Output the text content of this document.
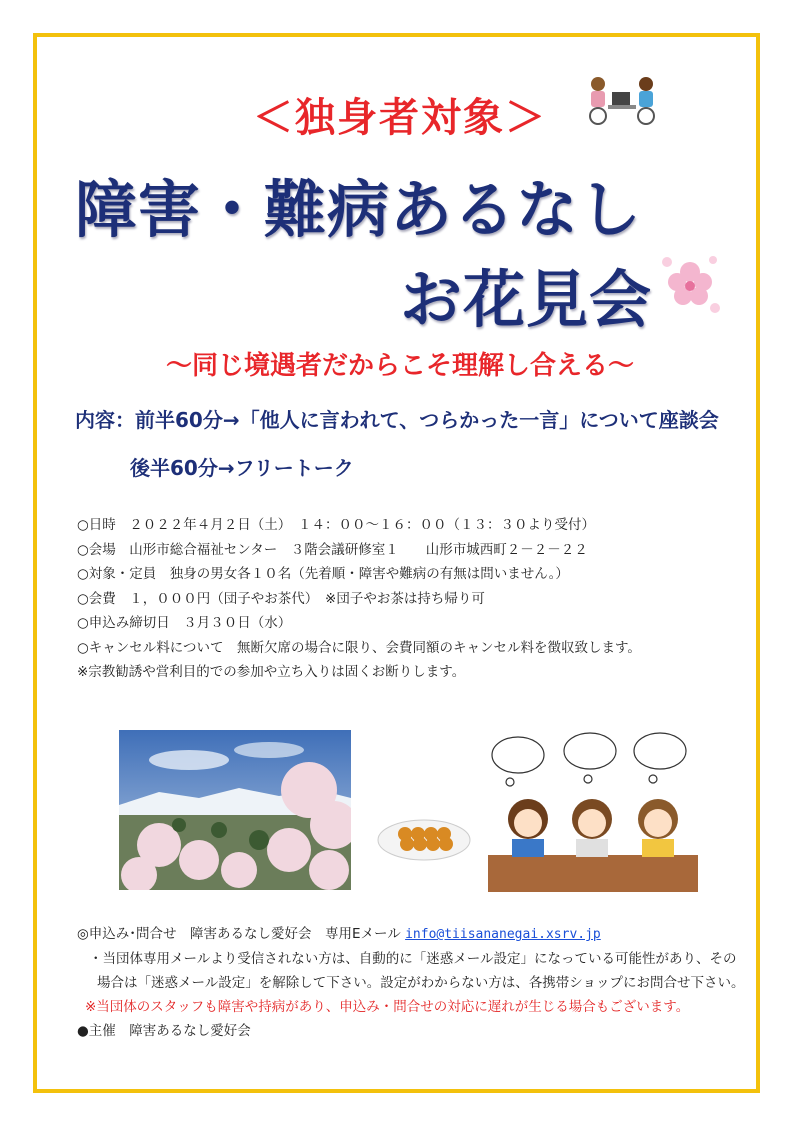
＜独身者対象＞
障害・難病あるなし
お花見会
～同じ境遇者だからこそ理解し合える～
内容：前半60分→「他人に言われて、つらかった一言」について座談会
後半60分→フリートーク
○日時　２０２２年４月２日（土）　１４：００～１６：００（１３：３０より受付）
○会場　山形市総合福祉センター　３階会議研修室１　　山形市城西町２－２－２２
○対象・定員　独身の男女各１０名（先着順・障害や難病の有無は問いません。）
○会費　１，０００円（団子やお茶代）　※団子やお茶は持ち帰り可
○申込み締切日　３月３０日（水）
○キャンセル料について　無断欠席の場合に限り、会費同額のキャンセル料を徴収致します。
※宗教勧誘や営利目的での参加や立ち入りは固くお断りします。
◎申込み･問合せ　障害あるなし愛好会　専用Eメール info@tiisananegai.xsrv.jp
・当団体専用メールより受信されない方は、自動的に「迷惑メール設定」になっている可能性があり、その
場合は「迷惑メール設定」を解除して下さい。設定がわからない方は、各携帯ショップにお問合せ下さい。
※当団体のスタッフも障害や持病があり、申込み・問合せの対応に遅れが生じる場合もございます。
●主催　障害あるなし愛好会
